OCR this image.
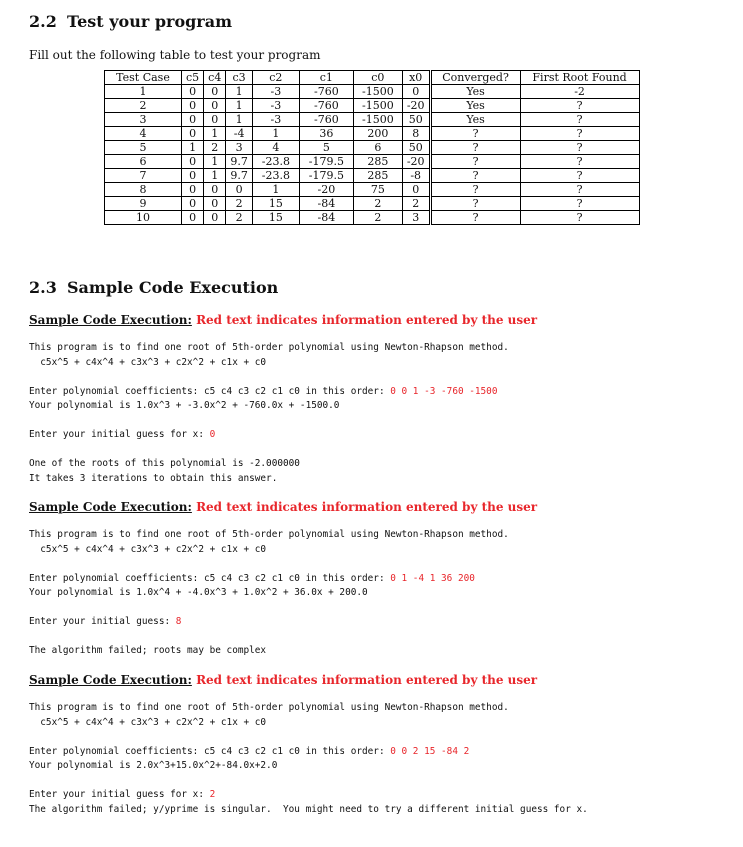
2.2 Test your program
Fill out the following table to test your program
Test Case	c5	c4	c3	c2	c1	c0	x0	Converged?	First Root Found
1	0	0	1	-3	-760	-1500	0	Yes	-2
2	0	0	1	-3	-760	-1500	-20	Yes	?
3	0	0	1	-3	-760	-1500	50	Yes	?
4	0	1	-4	1	36	200	8	?	?
5	1	2	3	4	5	6	50	?	?
6	0	1	9.7	-23.8	-179.5	285	-20	?	?
7	0	1	9.7	-23.8	-179.5	285	-8	?	?
8	0	0	0	1	-20	75	0	?	?
9	0	0	2	15	-84	2	2	?	?
10	0	0	2	15	-84	2	3	?	?
2.3 Sample Code Execution
Sample Code Execution: Red text indicates information entered by the user
This program is to find one root of 5th-order polynomial using Newton-Rhapson method.
c5x^5 + c4x^4 + c3x^3 + c2x^2 + c1x + c0

Enter polynomial coefficients: c5 c4 c3 c2 c1 c0 in this order: 0 0 1 -3 -760 -1500
Your polynomial is 1.0x^3 + -3.0x^2 + -760.0x + -1500.0

Enter your initial guess for x: 0

One of the roots of this polynomial is -2.000000
It takes 3 iterations to obtain this answer.
Sample Code Execution: Red text indicates information entered by the user
This program is to find one root of 5th-order polynomial using Newton-Rhapson method.
c5x^5 + c4x^4 + c3x^3 + c2x^2 + c1x + c0

Enter polynomial coefficients: c5 c4 c3 c2 c1 c0 in this order: 0 1 -4 1 36 200
Your polynomial is 1.0x^4 + -4.0x^3 + 1.0x^2 + 36.0x + 200.0

Enter your initial guess: 8

The algorithm failed; roots may be complex
Sample Code Execution: Red text indicates information entered by the user
This program is to find one root of 5th-order polynomial using Newton-Rhapson method.
c5x^5 + c4x^4 + c3x^3 + c2x^2 + c1x + c0

Enter polynomial coefficients: c5 c4 c3 c2 c1 c0 in this order: 0 0 2 15 -84 2
Your polynomial is 2.0x^3+15.0x^2+-84.0x+2.0

Enter your initial guess for x: 2
The algorithm failed; y/yprime is singular.  You might need to try a different initial guess for x.
